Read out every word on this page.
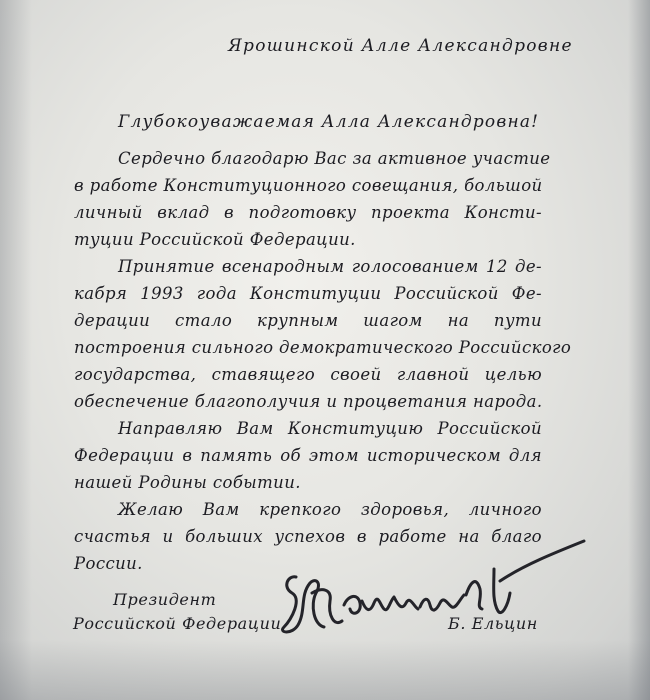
Ярошинской Алле Александровне
Глубокоуважаемая Алла Александровна!
Сердечно благодарю Вас за активное участие
в работе Конституционного совещания, большой
личный вклад в подготовку проекта Консти-
туции Российской Федерации.
Принятие всенародным голосованием 12 де-
кабря 1993 года Конституции Российской Фе-
дерации стало крупным шагом на пути
построения сильного демократического Российского
государства, ставящего своей главной целью
обеспечение благополучия и процветания народа.
Направляю Вам Конституцию Российской
Федерации в память об этом историческом для
нашей Родины событии.
Желаю Вам крепкого здоровья, личного
счастья и больших успехов в работе на благо
России.
Президент
Российской Федерации	Б. Ельцин
